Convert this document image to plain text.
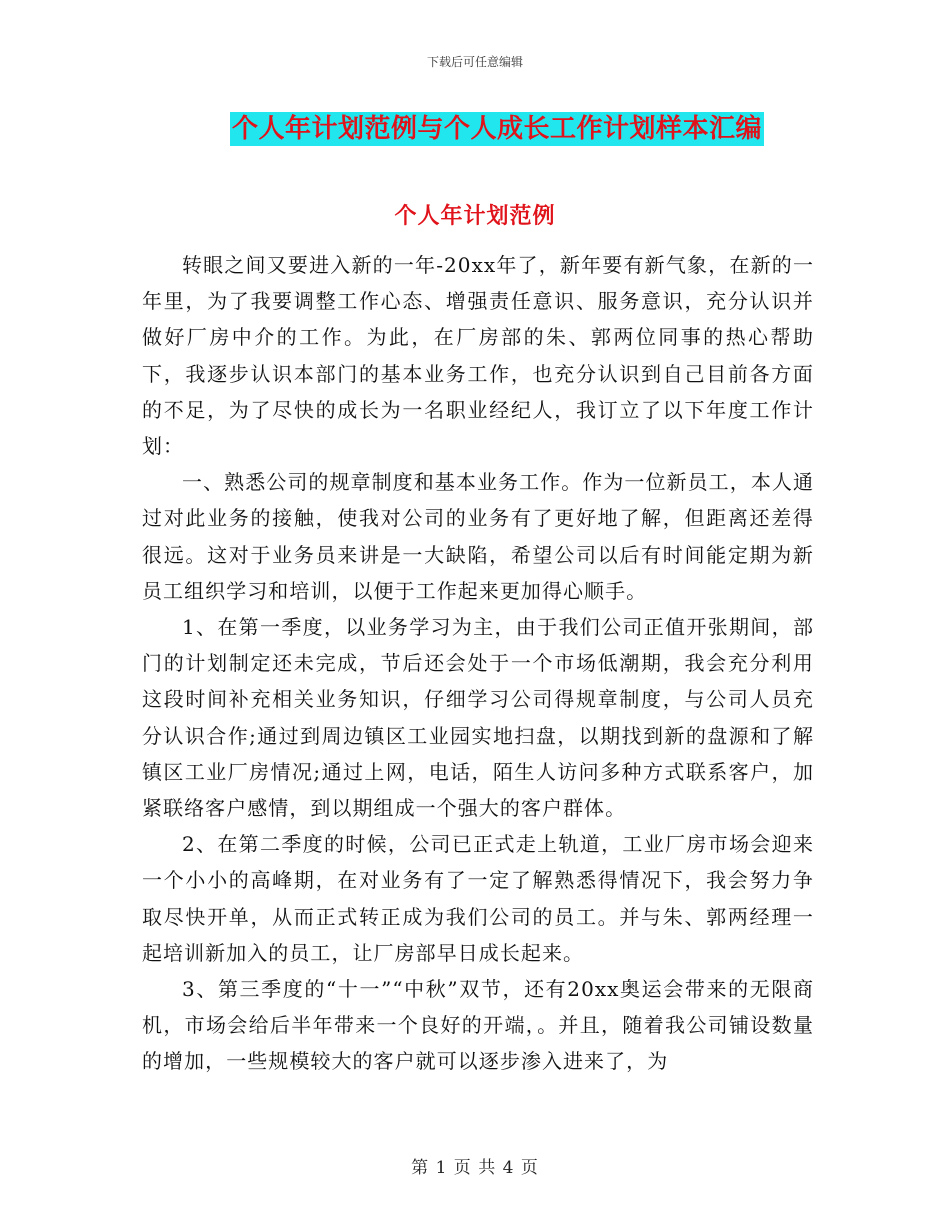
下载后可任意编辑
个人年计划范例与个人成长工作计划样本汇编
个人年计划范例

转眼之间又要进入新的一年-20xx年了，新年要有新气象，在新的一年里，为了我要调整工作心态、增强责任意识、服务意识，充分认识并做好厂房中介的工作。为此，在厂房部的朱、郭两位同事的热心帮助下，我逐步认识本部门的基本业务工作，也充分认识到自己目前各方面的不足，为了尽快的成长为一名职业经纪人，我订立了以下年度工作计划：

一、熟悉公司的规章制度和基本业务工作。作为一位新员工，本人通过对此业务的接触，使我对公司的业务有了更好地了解，但距离还差得很远。这对于业务员来讲是一大缺陷，希望公司以后有时间能定期为新员工组织学习和培训，以便于工作起来更加得心顺手。

1、在第一季度，以业务学习为主，由于我们公司正值开张期间，部门的计划制定还未完成，节后还会处于一个市场低潮期，我会充分利用这段时间补充相关业务知识，仔细学习公司得规章制度，与公司人员充分认识合作;通过到周边镇区工业园实地扫盘，以期找到新的盘源和了解镇区工业厂房情况;通过上网，电话，陌生人访问多种方式联系客户，加紧联络客户感情，到以期组成一个强大的客户群体。

2、在第二季度的时候，公司已正式走上轨道，工业厂房市场会迎来一个小小的高峰期，在对业务有了一定了解熟悉得情况下，我会努力争取尽快开单，从而正式转正成为我们公司的员工。并与朱、郭两经理一起培训新加入的员工，让厂房部早日成长起来。

3、第三季度的“十一”“中秋”双节，还有20xx奥运会带来的无限商机，市场会给后半年带来一个良好的开端，。并且，随着我公司铺设数量的增加，一些规模较大的客户就可以逐步渗入进来了，为

第 1 页 共 4 页
